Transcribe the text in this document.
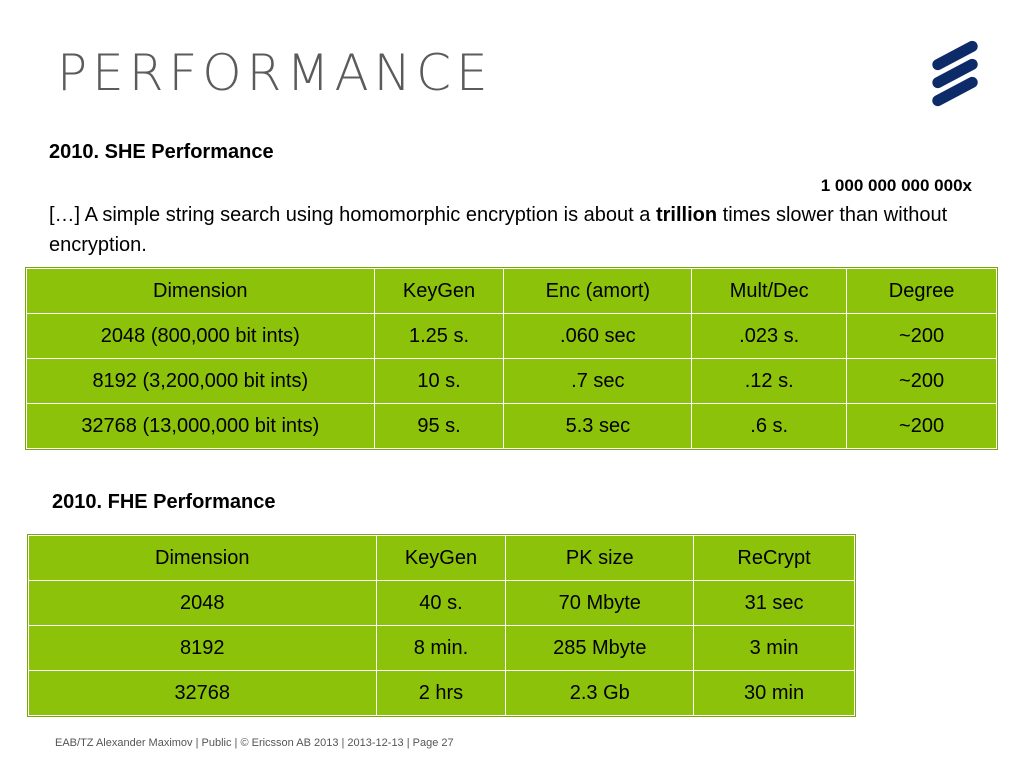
PERFORMANCE
2010. SHE Performance
1 000 000 000 000x
[…] A simple string search using homomorphic encryption is about a trillion times slower than without encryption.
Dimension	KeyGen	Enc (amort)	Mult/Dec	Degree
2048 (800,000 bit ints)	1.25 s.	.060 sec	.023 s.	~200
8192 (3,200,000 bit ints)	10 s.	.7 sec	.12 s.	~200
32768 (13,000,000 bit ints)	95 s.	5.3 sec	.6 s.	~200
2010. FHE Performance
Dimension	KeyGen	PK size	ReCrypt
2048	40 s.	70 Mbyte	31 sec
8192	8 min.	285 Mbyte	3 min
32768	2 hrs	2.3 Gb	30 min
EAB/TZ Alexander Maximov | Public | © Ericsson AB 2013 | 2013-12-13 | Page 27
